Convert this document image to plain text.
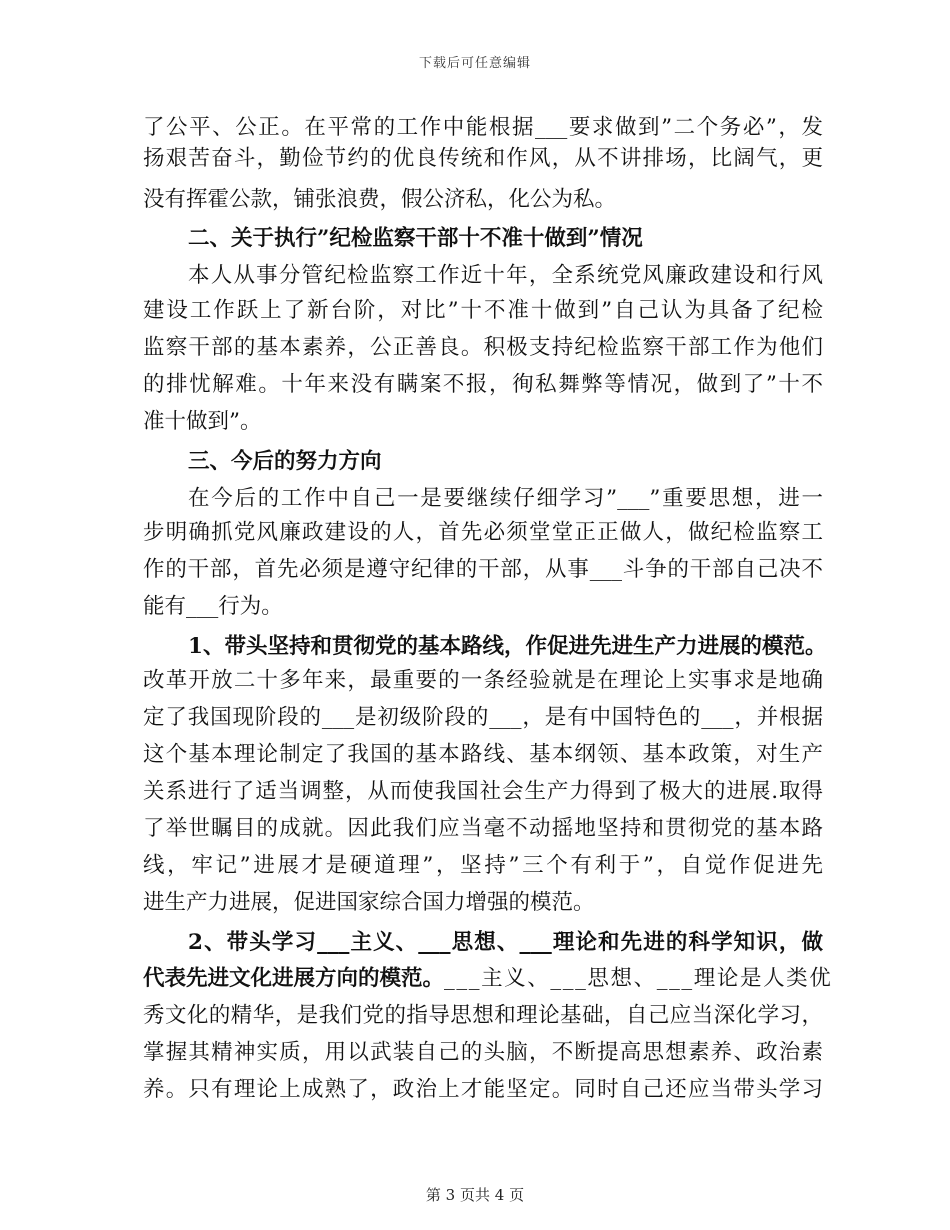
下载后可任意编辑
了公平、公正。在平常的工作中能根据___要求做到”二个务必”，发
扬艰苦奋斗，勤俭节约的优良传统和作风，从不讲排场，比阔气，更
没有挥霍公款，铺张浪费，假公济私，化公为私。
二、关于执行”纪检监察干部十不准十做到”情况
本人从事分管纪检监察工作近十年，全系统党风廉政建设和行风
建设工作跃上了新台阶，对比”十不准十做到”自己认为具备了纪检
监察干部的基本素养，公正善良。积极支持纪检监察干部工作为他们
的排忧解难。十年来没有瞒案不报，徇私舞弊等情况，做到了”十不
准十做到”。
三、今后的努力方向
在今后的工作中自己一是要继续仔细学习”___”重要思想，进一
步明确抓党风廉政建设的人，首先必须堂堂正正做人，做纪检监察工
作的干部，首先必须是遵守纪律的干部，从事___斗争的干部自己决不
能有___行为。
1、带头坚持和贯彻党的基本路线，作促进先进生产力进展的模范。
改革开放二十多年来，最重要的一条经验就是在理论上实事求是地确
定了我国现阶段的___是初级阶段的___，是有中国特色的___，并根据
这个基本理论制定了我国的基本路线、基本纲领、基本政策，对生产
关系进行了适当调整，从而使我国社会生产力得到了极大的进展.取得
了举世瞩目的成就。因此我们应当毫不动摇地坚持和贯彻党的基本路
线，牢记”进展才是硬道理”，坚持”三个有利于”，自觉作促进先
进生产力进展，促进国家综合国力增强的模范。
2、带头学习___主义、___思想、___理论和先进的科学知识，做
代表先进文化进展方向的模范。___主义、___思想、___理论是人类优
秀文化的精华，是我们党的指导思想和理论基础，自己应当深化学习，
掌握其精神实质，用以武装自己的头脑，不断提高思想素养、政治素
养。只有理论上成熟了，政治上才能坚定。同时自己还应当带头学习
第 3 页共 4 页
